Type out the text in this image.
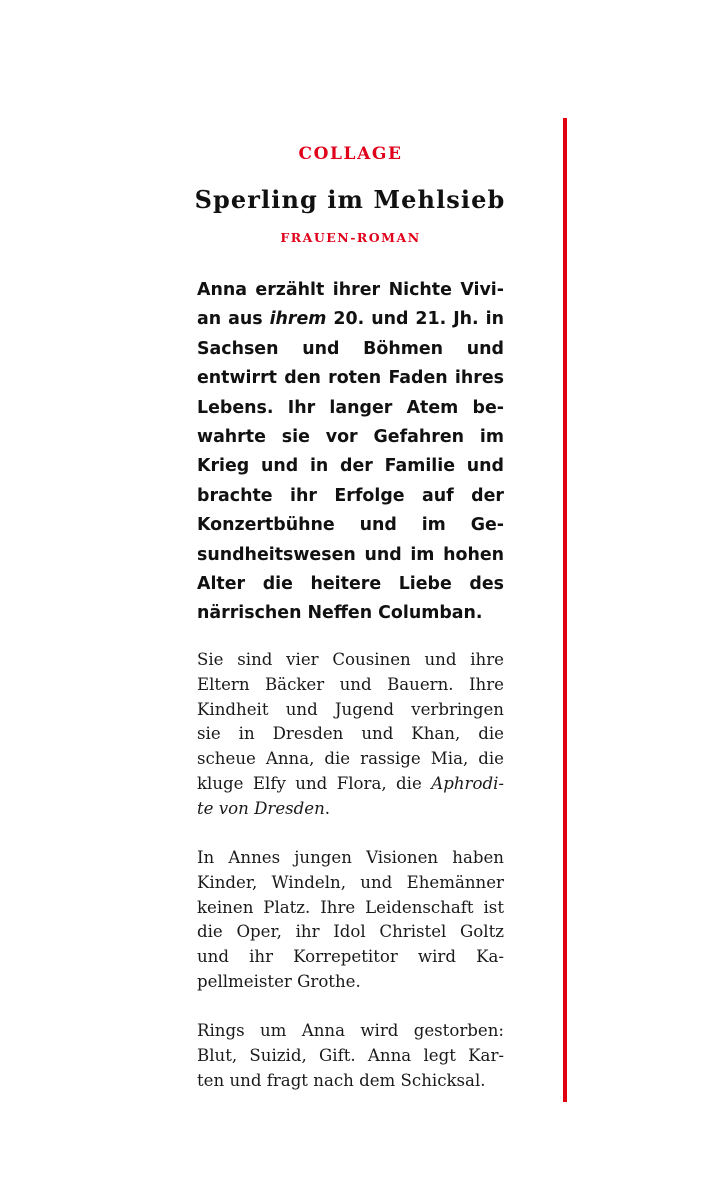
COLLAGE
Sperling im Mehlsieb
FRAUEN-ROMAN
Anna erzählt ihrer Nichte Vivi-
an aus ihrem 20. und 21. Jh. in
Sachsen und Böhmen und
entwirrt den roten Faden ihres
Lebens. Ihr langer Atem be-
wahrte sie vor Gefahren im
Krieg und in der Familie und
brachte ihr Erfolge auf der
Konzertbühne und im Ge-
sundheitswesen und im hohen
Alter die heitere Liebe des
närrischen Neffen Columban.
Sie sind vier Cousinen und ihre
Eltern Bäcker und Bauern. Ihre
Kindheit und Jugend verbringen
sie in Dresden und Khan, die
scheue Anna, die rassige Mia, die
kluge Elfy und Flora, die Aphrodi-
te von Dresden.
In Annes jungen Visionen haben
Kinder, Windeln, und Ehemänner
keinen Platz. Ihre Leidenschaft ist
die Oper, ihr Idol Christel Goltz
und ihr Korrepetitor wird Ka-
pellmeister Grothe.
Rings um Anna wird gestorben:
Blut, Suizid, Gift. Anna legt Kar-
ten und fragt nach dem Schicksal.
